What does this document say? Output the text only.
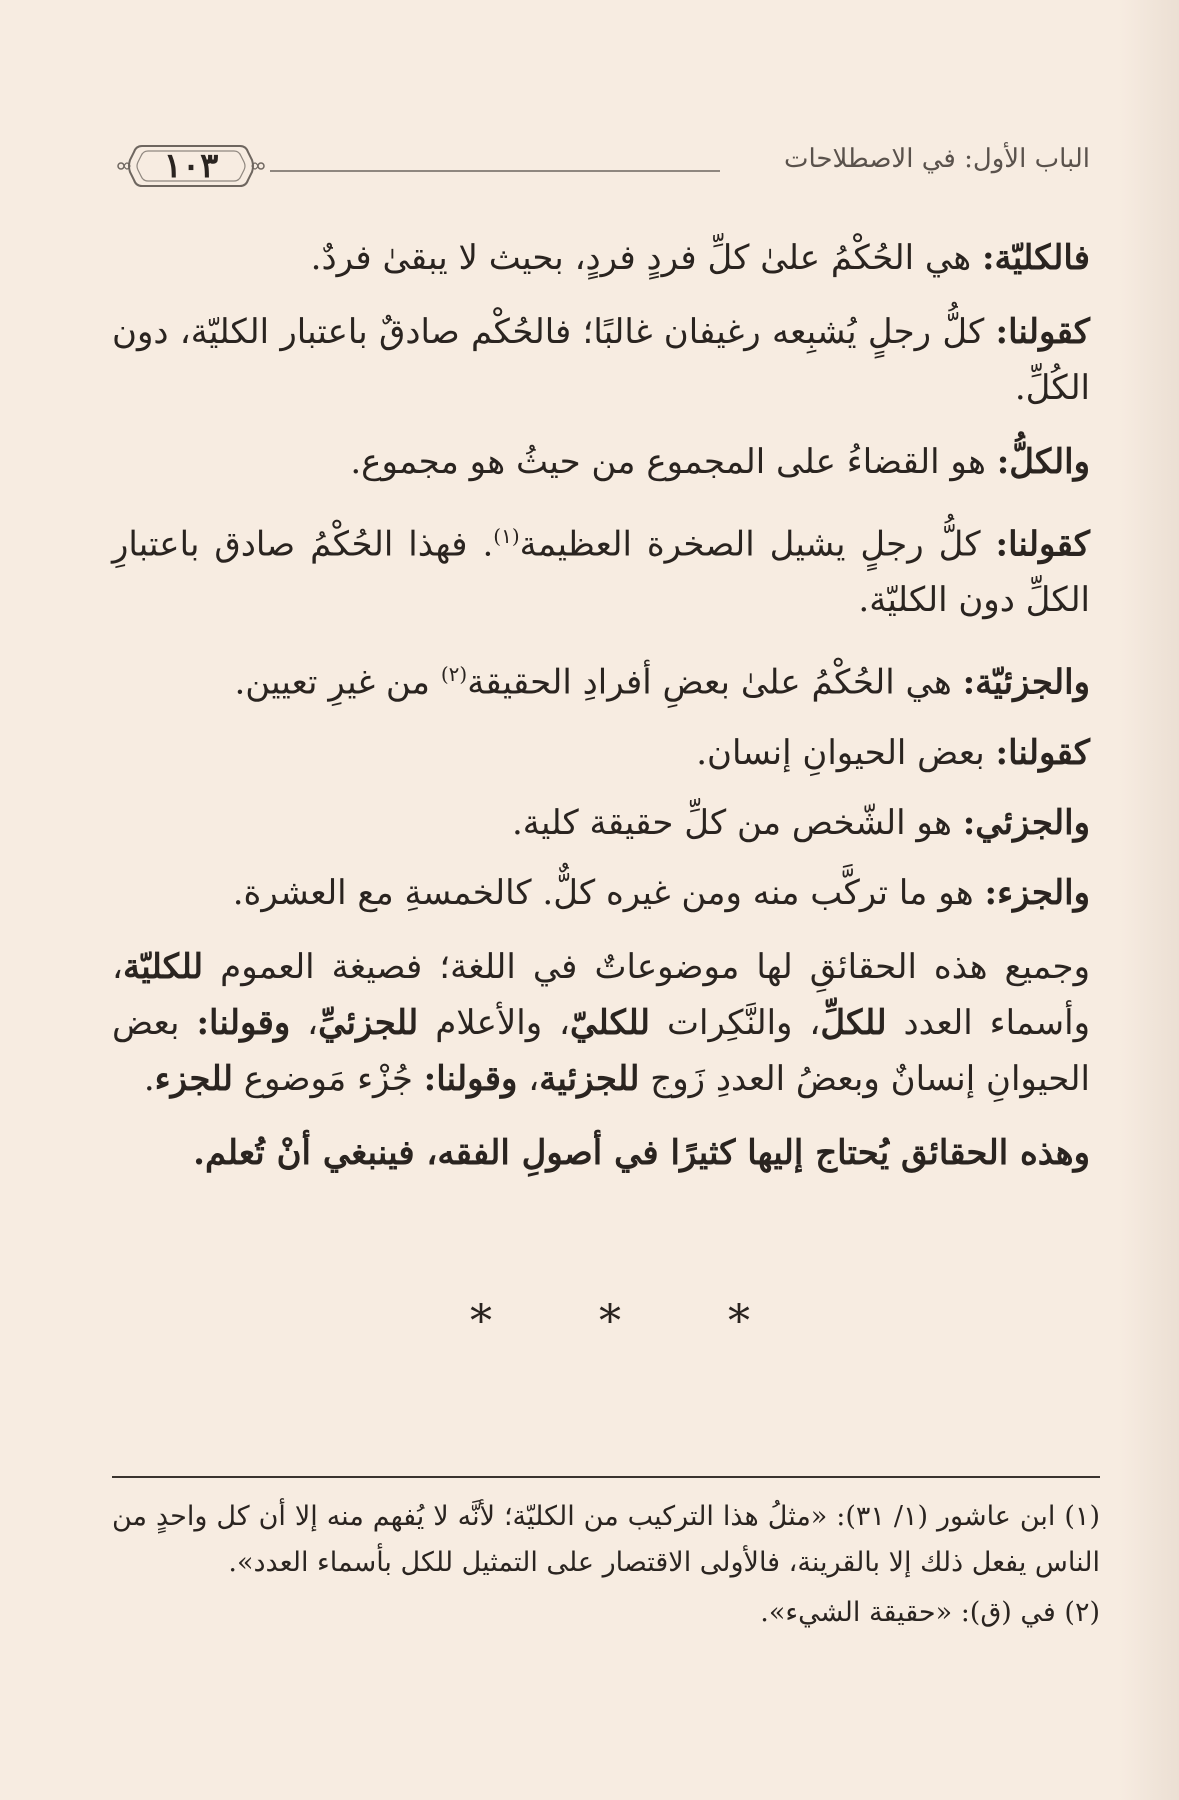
الباب الأول: في الاصطلاحات
١٠٣

فالكليّة: هي الحُكْمُ علىٰ كلِّ فردٍ فردٍ، بحيث لا يبقىٰ فردٌ.

كقولنا: كلُّ رجلٍ يُشبِعه رغيفان غالبًا؛ فالحُكْم صادقٌ باعتبار الكليّة، دون الكُلِّ.

والكلُّ: هو القضاءُ على المجموع من حيثُ هو مجموع.

كقولنا: كلُّ رجلٍ يشيل الصخرة العظيمة$^{(١)}$. فهذا الحُكْمُ صادق باعتبارِ الكلِّ دون الكليّة.

والجزئيّة: هي الحُكْمُ علىٰ بعضِ أفرادِ الحقيقة$^{(٢)}$ من غيرِ تعيين.

كقولنا: بعض الحيوانِ إنسان.

والجزئي: هو الشّخص من كلِّ حقيقة كلية.

والجزء: هو ما تركَّب منه ومن غيره كلٌّ. كالخمسةِ مع العشرة.

وجميع هذه الحقائقِ لها موضوعاتٌ في اللغة؛ فصيغة العموم للكليّة، وأسماء العدد للكلِّ، والنَّكِرات للكليّ، والأعلام للجزئيِّ، وقولنا: بعض الحيوانِ إنسانٌ وبعضُ العددِ زَوج للجزئية، وقولنا: جُزْء مَوضوع للجزء.

وهذه الحقائق يُحتاج إليها كثيرًا في أصولِ الفقه، فينبغي أنْ تُعلم.

* * *

(١) ابن عاشور (١/ ٣١): «مثلُ هذا التركيب من الكليّة؛ لأنَّه لا يُفهم منه إلا أن كل واحدٍ من الناس يفعل ذلك إلا بالقرينة، فالأولى الاقتصار على التمثيل للكل بأسماء العدد».

(٢) في (ق): «حقيقة الشيء».
